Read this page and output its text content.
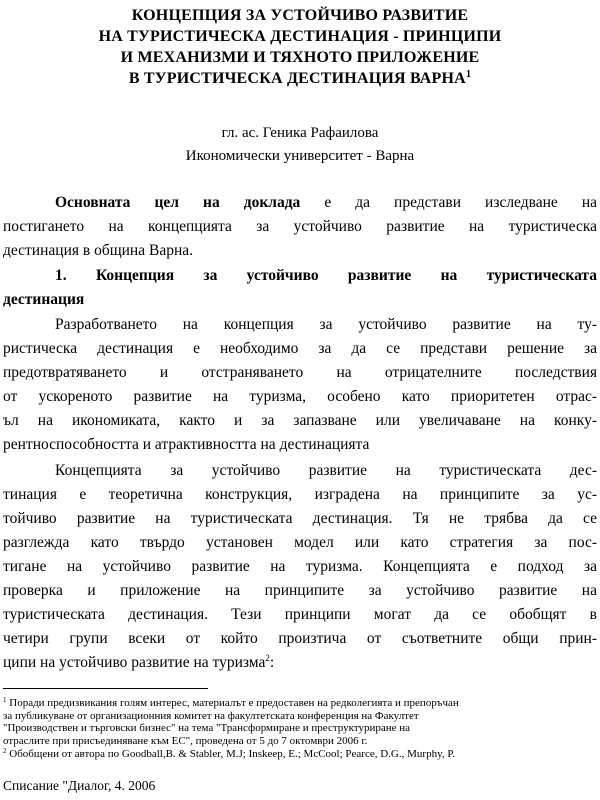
КОНЦЕПЦИЯ ЗА УСТОЙЧИВО РАЗВИТИЕ
НА ТУРИСТИЧЕСКА ДЕСТИНАЦИЯ - ПРИНЦИПИ
И МЕХАНИЗМИ И ТЯХНОТО ПРИЛОЖЕНИЕ
В ТУРИСТИЧЕСКА ДЕСТИНАЦИЯ ВАРНА$^1$
гл. ас. Геника Рафаилова
Икономически университет - Варна
Основната цел на доклада е да представи изследване на
постигането на концепцията за устойчиво развитие на туристическа
дестинация в община Варна.
1. Концепция за устойчиво развитие на туристическата
дестинация
Разработването на концепция за устойчиво развитие на ту-
ристическа дестинация е необходимо за да се представи решение за
предотвратяването и отстраняването на отрицателните последствия
от ускореното развитие на туризма, особено като приоритетен отрас-
ъл на икономиката, както и за запазване или увеличаване на конку-
рентноспособността и атрактивността на дестинацията
Концепцията за устойчиво развитие на туристическата дес-
тинация е теоретична конструкция, изградена на принципите за ус-
тойчиво развитие на туристическата дестинация. Тя не трябва да се
разглежда като твърдо установен модел или като стратегия за пос-
тигане на устойчиво развитие на туризма. Концепцията е подход за
проверка и приложение на принципите за устойчиво развитие на
туристическата дестинация. Тези принципи могат да се обобщят в
четири групи всеки от който произтича от съответните общи прин-
ципи на устойчиво развитие на туризма$^2$:
$^1$ Поради предизвикания голям интерес, материалът е предоставен на редколегията и препоръчан
за публикуване от организационния комитет на факултетската конференция на Факултет
"Производствен и търговски бизнес" на тема "Трансформиране и преструктуриране на
отраслите при присъединяване към ЕС", проведена от 5 до 7 октомври 2006 г.
$^2$ Обобщени от автора по Goodball,B. & Stabler, M.J; Inskeep, E.; McCool; Pearce, D.G., Murphy, P.
Списание "Диалог, 4. 2006
